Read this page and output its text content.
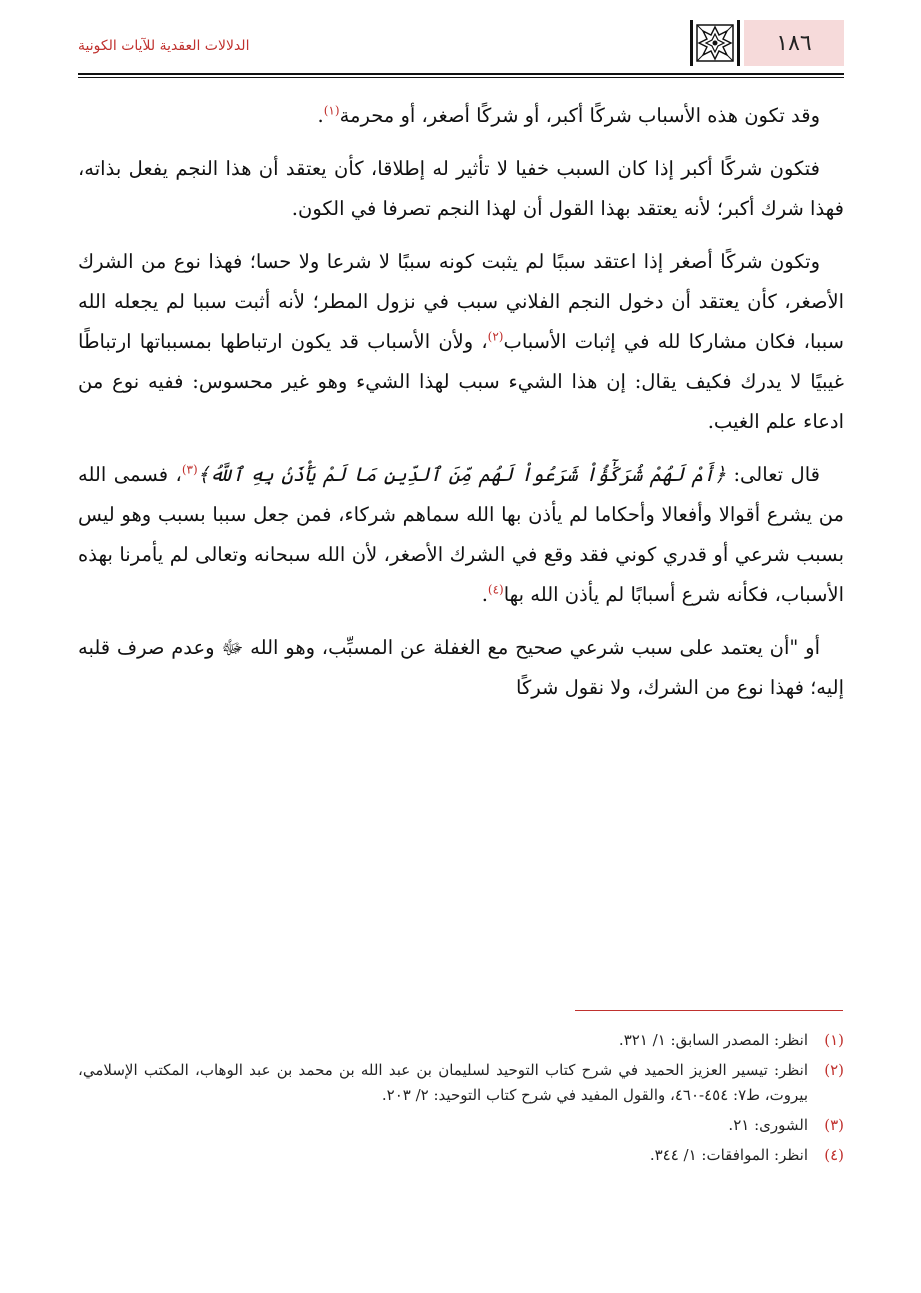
١٨٦
الدلالات العقدية للآيات الكونية

وقد تكون هذه الأسباب شركًا أكبر، أو شركًا أصغر، أو محرمة$^{(١)}$.

فتكون شركًا أكبر إذا كان السبب خفيا لا تأثير له إطلاقا، كأن يعتقد أن هذا النجم يفعل بذاته، فهذا شرك أكبر؛ لأنه يعتقد بهذا القول أن لهذا النجم تصرفا في الكون.

وتكون شركًا أصغر إذا اعتقد سببًا لم يثبت كونه سببًا لا شرعا ولا حسا؛ فهذا نوع من الشرك الأصغر، كأن يعتقد أن دخول النجم الفلاني سبب في نزول المطر؛ لأنه أثبت سببا لم يجعله الله سببا، فكان مشاركا لله في إثبات الأسباب$^{(٢)}$، ولأن الأسباب قد يكون ارتباطها بمسبباتها ارتباطًا غيبيًا لا يدرك فكيف يقال: إن هذا الشيء سبب لهذا الشيء وهو غير محسوس: ففيه نوع من ادعاء علم الغيب.

قال تعالى: ﴿أَمْ لَهُمْ شُرَكَٰٓؤُاْ شَرَعُواْ لَهُم مِّنَ ٱلدِّينِ مَا لَمْ يَأْذَنۢ بِهِ ٱللَّهُ﴾$^{(٣)}$، فسمى الله من يشرع أقوالا وأفعالا وأحكاما لم يأذن بها الله سماهم شركاء، فمن جعل سببا بسبب وهو ليس بسبب شرعي أو قدري كوني فقد وقع في الشرك الأصغر، لأن الله سبحانه وتعالى لم يأمرنا بهذه الأسباب، فكأنه شرع أسبابًا لم يأذن الله بها$^{(٤)}$.

أو "أن يعتمد على سبب شرعي صحيح مع الغفلة عن المسبِّب، وهو الله ﷻ وعدم صرف قلبه إليه؛ فهذا نوع من الشرك، ولا نقول شركًا

(١)
انظر: المصدر السابق: ١/ ٣٢١.
(٢)
انظر: تيسير العزيز الحميد في شرح كتاب التوحيد لسليمان بن عبد الله بن محمد بن عبد الوهاب، المكتب الإسلامي، بيروت، ط٧: ٤٥٤-٤٦٠، والقول المفيد في شرح كتاب التوحيد: ٢/ ٢٠٣.
(٣)
الشورى: ٢١.
(٤)
انظر: الموافقات: ١/ ٣٤٤.
